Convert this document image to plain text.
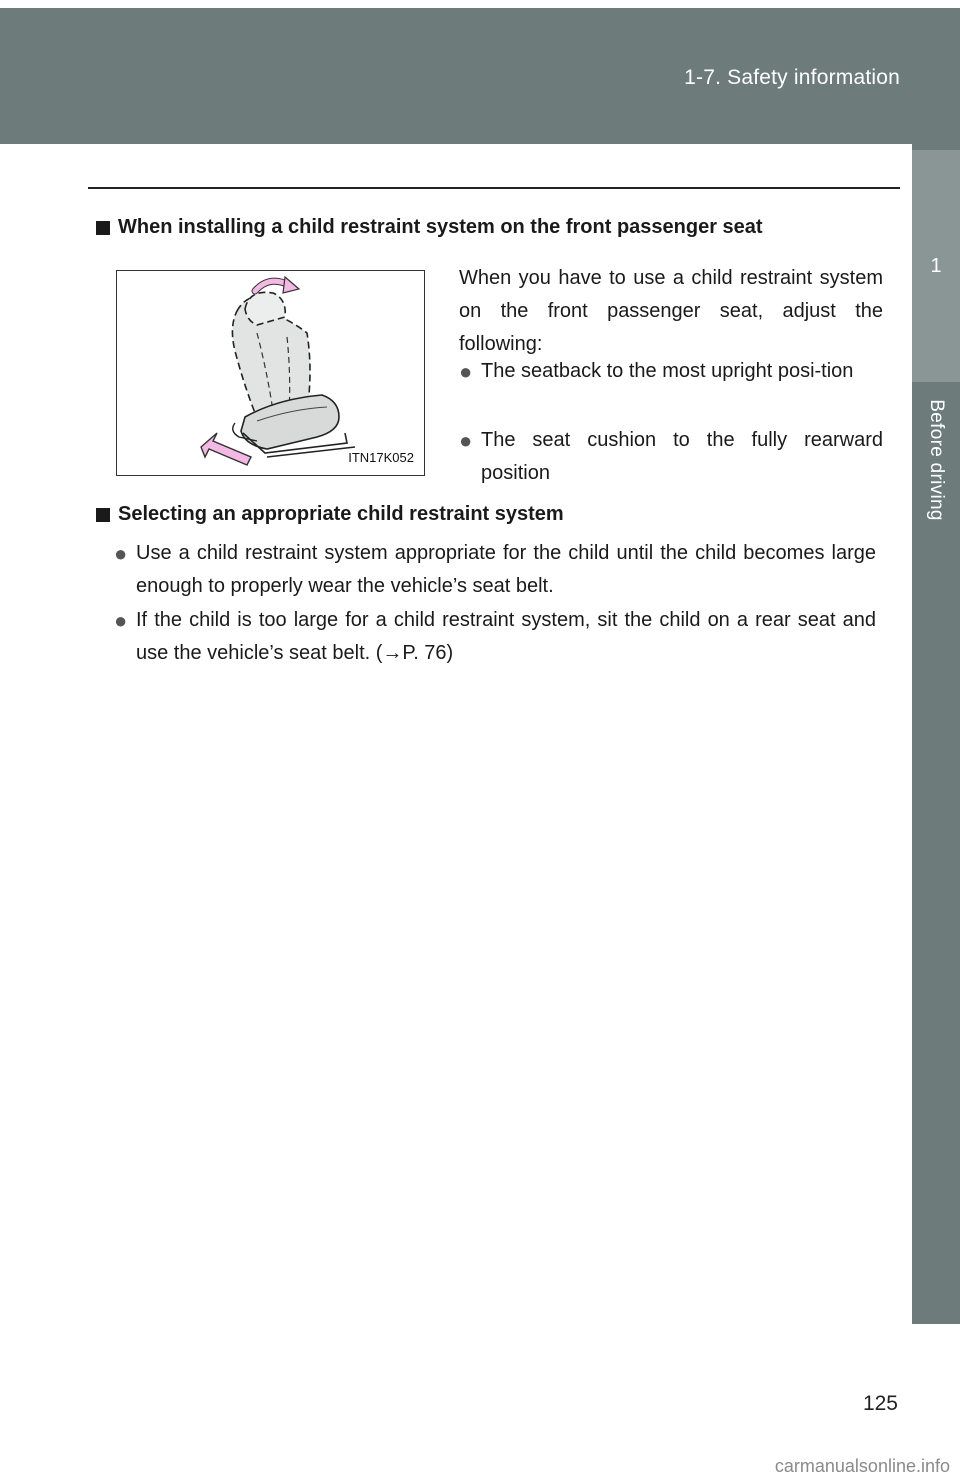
1-7. Safety information
1
Before driving
When installing a child restraint system on the front passenger seat
ITN17K052
When you have to use a child restraint system on the front passenger seat, adjust the following:
● The seatback to the most upright posi-tion
● The seat cushion to the fully rearward position
Selecting an appropriate child restraint system
● Use a child restraint system appropriate for the child until the child becomes large enough to properly wear the vehicle’s seat belt.
● If the child is too large for a child restraint system, sit the child on a rear seat and use the vehicle’s seat belt. (→P. 76)
125
carmanualsonline.info
